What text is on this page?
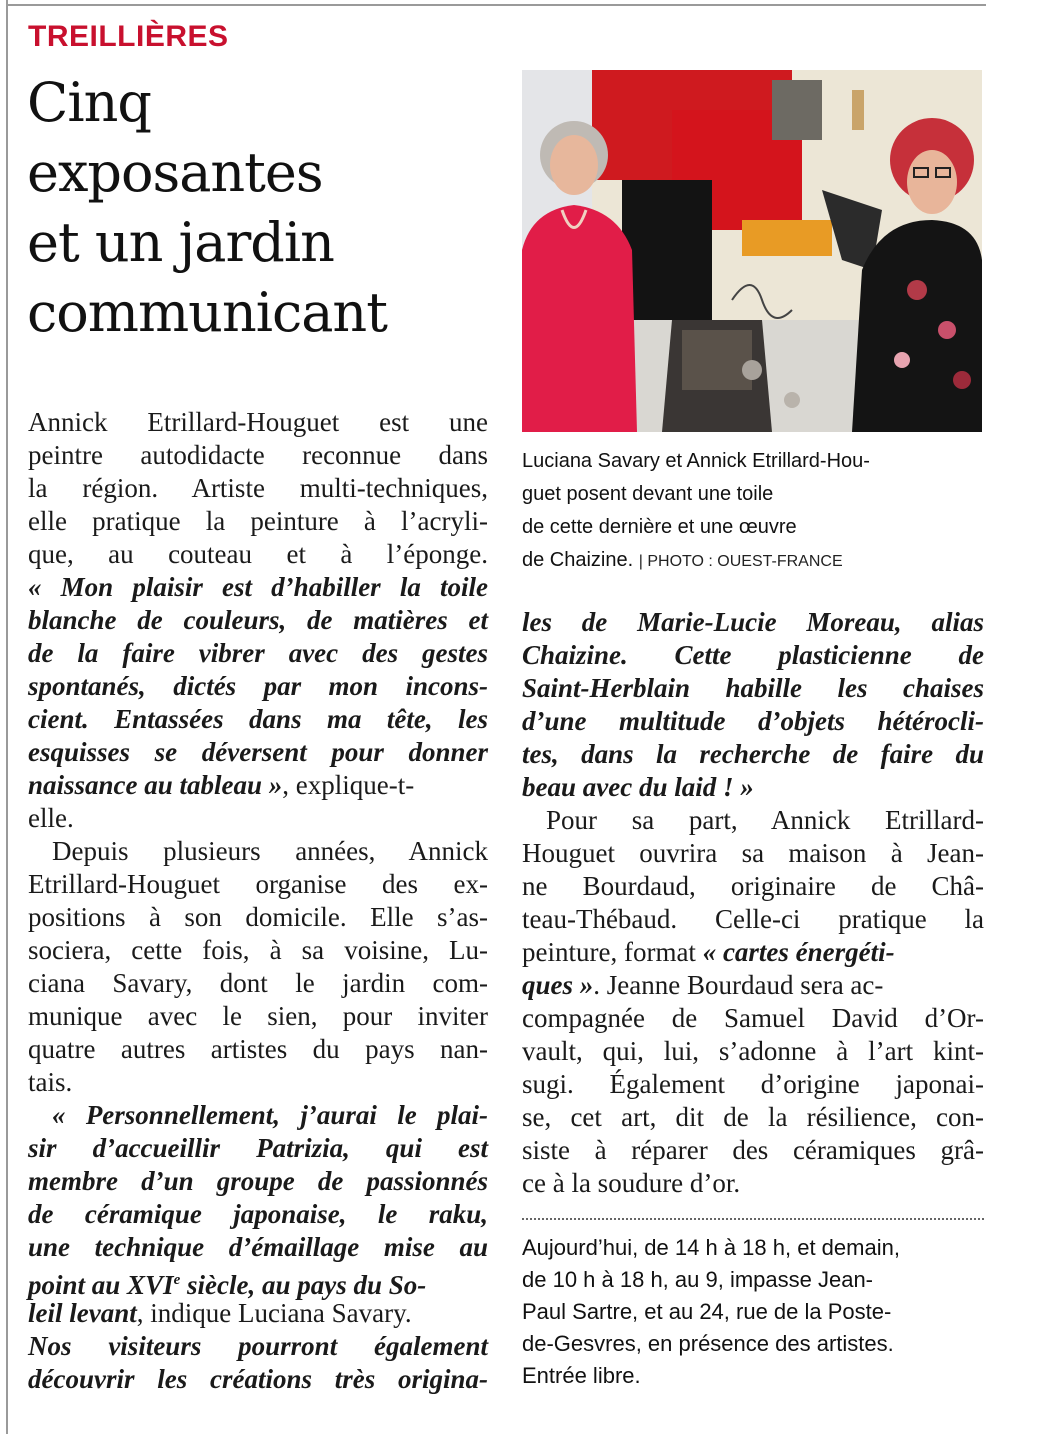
TREILLIÈRES
Cinq
exposantes
et un jardin
communicant
Luciana Savary et Annick Etrillard-Hou-
guet posent devant une toile
de cette dernière et une œuvre
de Chaizine. | PHOTO : OUEST-FRANCE
Annick Etrillard-Houguet est une
peintre autodidacte reconnue dans
la région. Artiste multi-techniques,
elle pratique la peinture à l’acryli-
que, au couteau et à l’éponge.
« Mon plaisir est d’habiller la toile
blanche de couleurs, de matières et
de la faire vibrer avec des gestes
spontanés, dictés par mon incons-
cient. Entassées dans ma tête, les
esquisses se déversent pour donner
naissance au tableau », explique-t-
elle.
Depuis plusieurs années, Annick
Etrillard-Houguet organise des ex-
positions à son domicile. Elle s’as-
sociera, cette fois, à sa voisine, Lu-
ciana Savary, dont le jardin com-
munique avec le sien, pour inviter
quatre autres artistes du pays nan-
tais.
« Personnellement, j’aurai le plai-
sir d’accueillir Patrizia, qui est
membre d’un groupe de passionnés
de céramique japonaise, le raku,
une technique d’émaillage mise au
point au XVIe siècle, au pays du So-
leil levant, indique Luciana Savary.
Nos visiteurs pourront également
découvrir les créations très origina-
les de Marie-Lucie Moreau, alias
Chaizine. Cette plasticienne de
Saint-Herblain habille les chaises
d’une multitude d’objets hétérocli-
tes, dans la recherche de faire du
beau avec du laid ! »
Pour sa part, Annick Etrillard-
Houguet ouvrira sa maison à Jean-
ne Bourdaud, originaire de Châ-
teau-Thébaud. Celle-ci pratique la
peinture, format « cartes énergéti-
ques ». Jeanne Bourdaud sera ac-
compagnée de Samuel David d’Or-
vault, qui, lui, s’adonne à l’art kint-
sugi. Également d’origine japonai-
se, cet art, dit de la résilience, con-
siste à réparer des céramiques grâ-
ce à la soudure d’or.
Aujourd’hui, de 14 h à 18 h, et demain,
de 10 h à 18 h, au 9, impasse Jean-
Paul Sartre, et au 24, rue de la Poste-
de-Gesvres, en présence des artistes.
Entrée libre.
